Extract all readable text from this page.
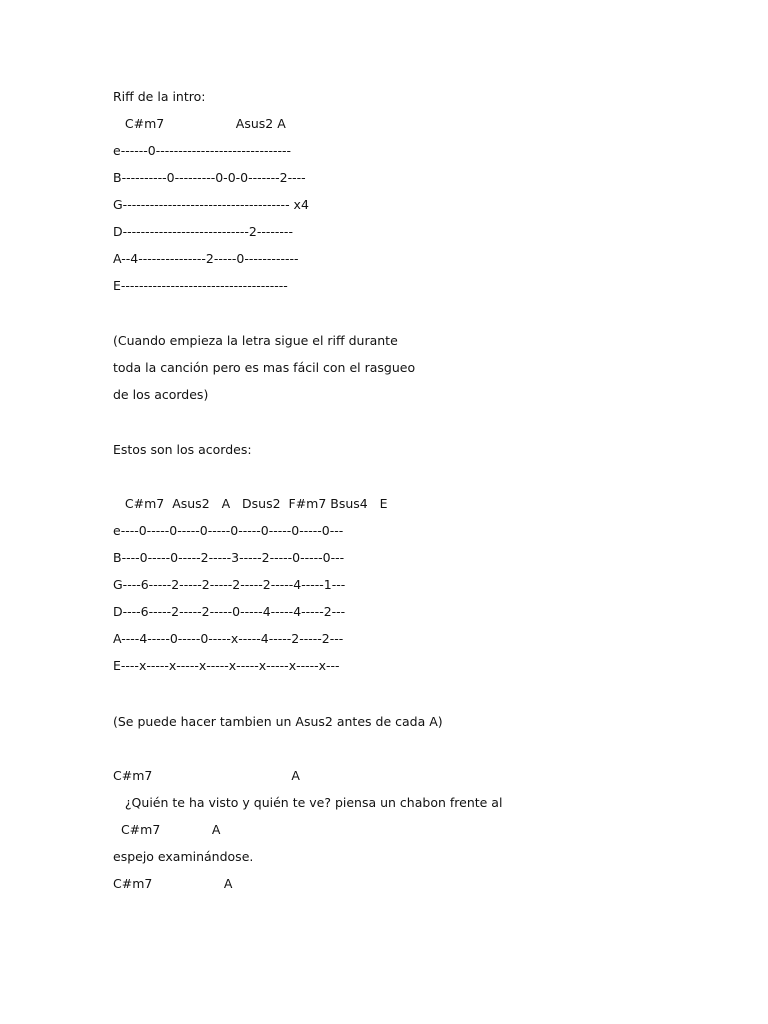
Riff de la intro:

C#m7                  Asus2 A

e------0------------------------------

B----------0---------0-0-0-------2----

G------------------------------------- x4

D----------------------------2--------

A--4---------------2-----0------------

E-------------------------------------

(Cuando empieza la letra sigue el riff durante

toda la canción pero es mas fácil con el rasgueo

de los acordes)

Estos son los acordes:

C#m7  Asus2   A   Dsus2  F#m7 Bsus4   E

e----0-----0-----0-----0-----0-----0-----0---

B----0-----0-----2-----3-----2-----0-----0---

G----6-----2-----2-----2-----2-----4-----1---

D----6-----2-----2-----0-----4-----4-----2---

A----4-----0-----0-----x-----4-----2-----2---

E----x-----x-----x-----x-----x-----x-----x---

(Se puede hacer tambien un Asus2 antes de cada A)

C#m7                                   A

¿Quién te ha visto y quién te ve? piensa un chabon frente al

C#m7             A

espejo examinándose.

C#m7                  A
